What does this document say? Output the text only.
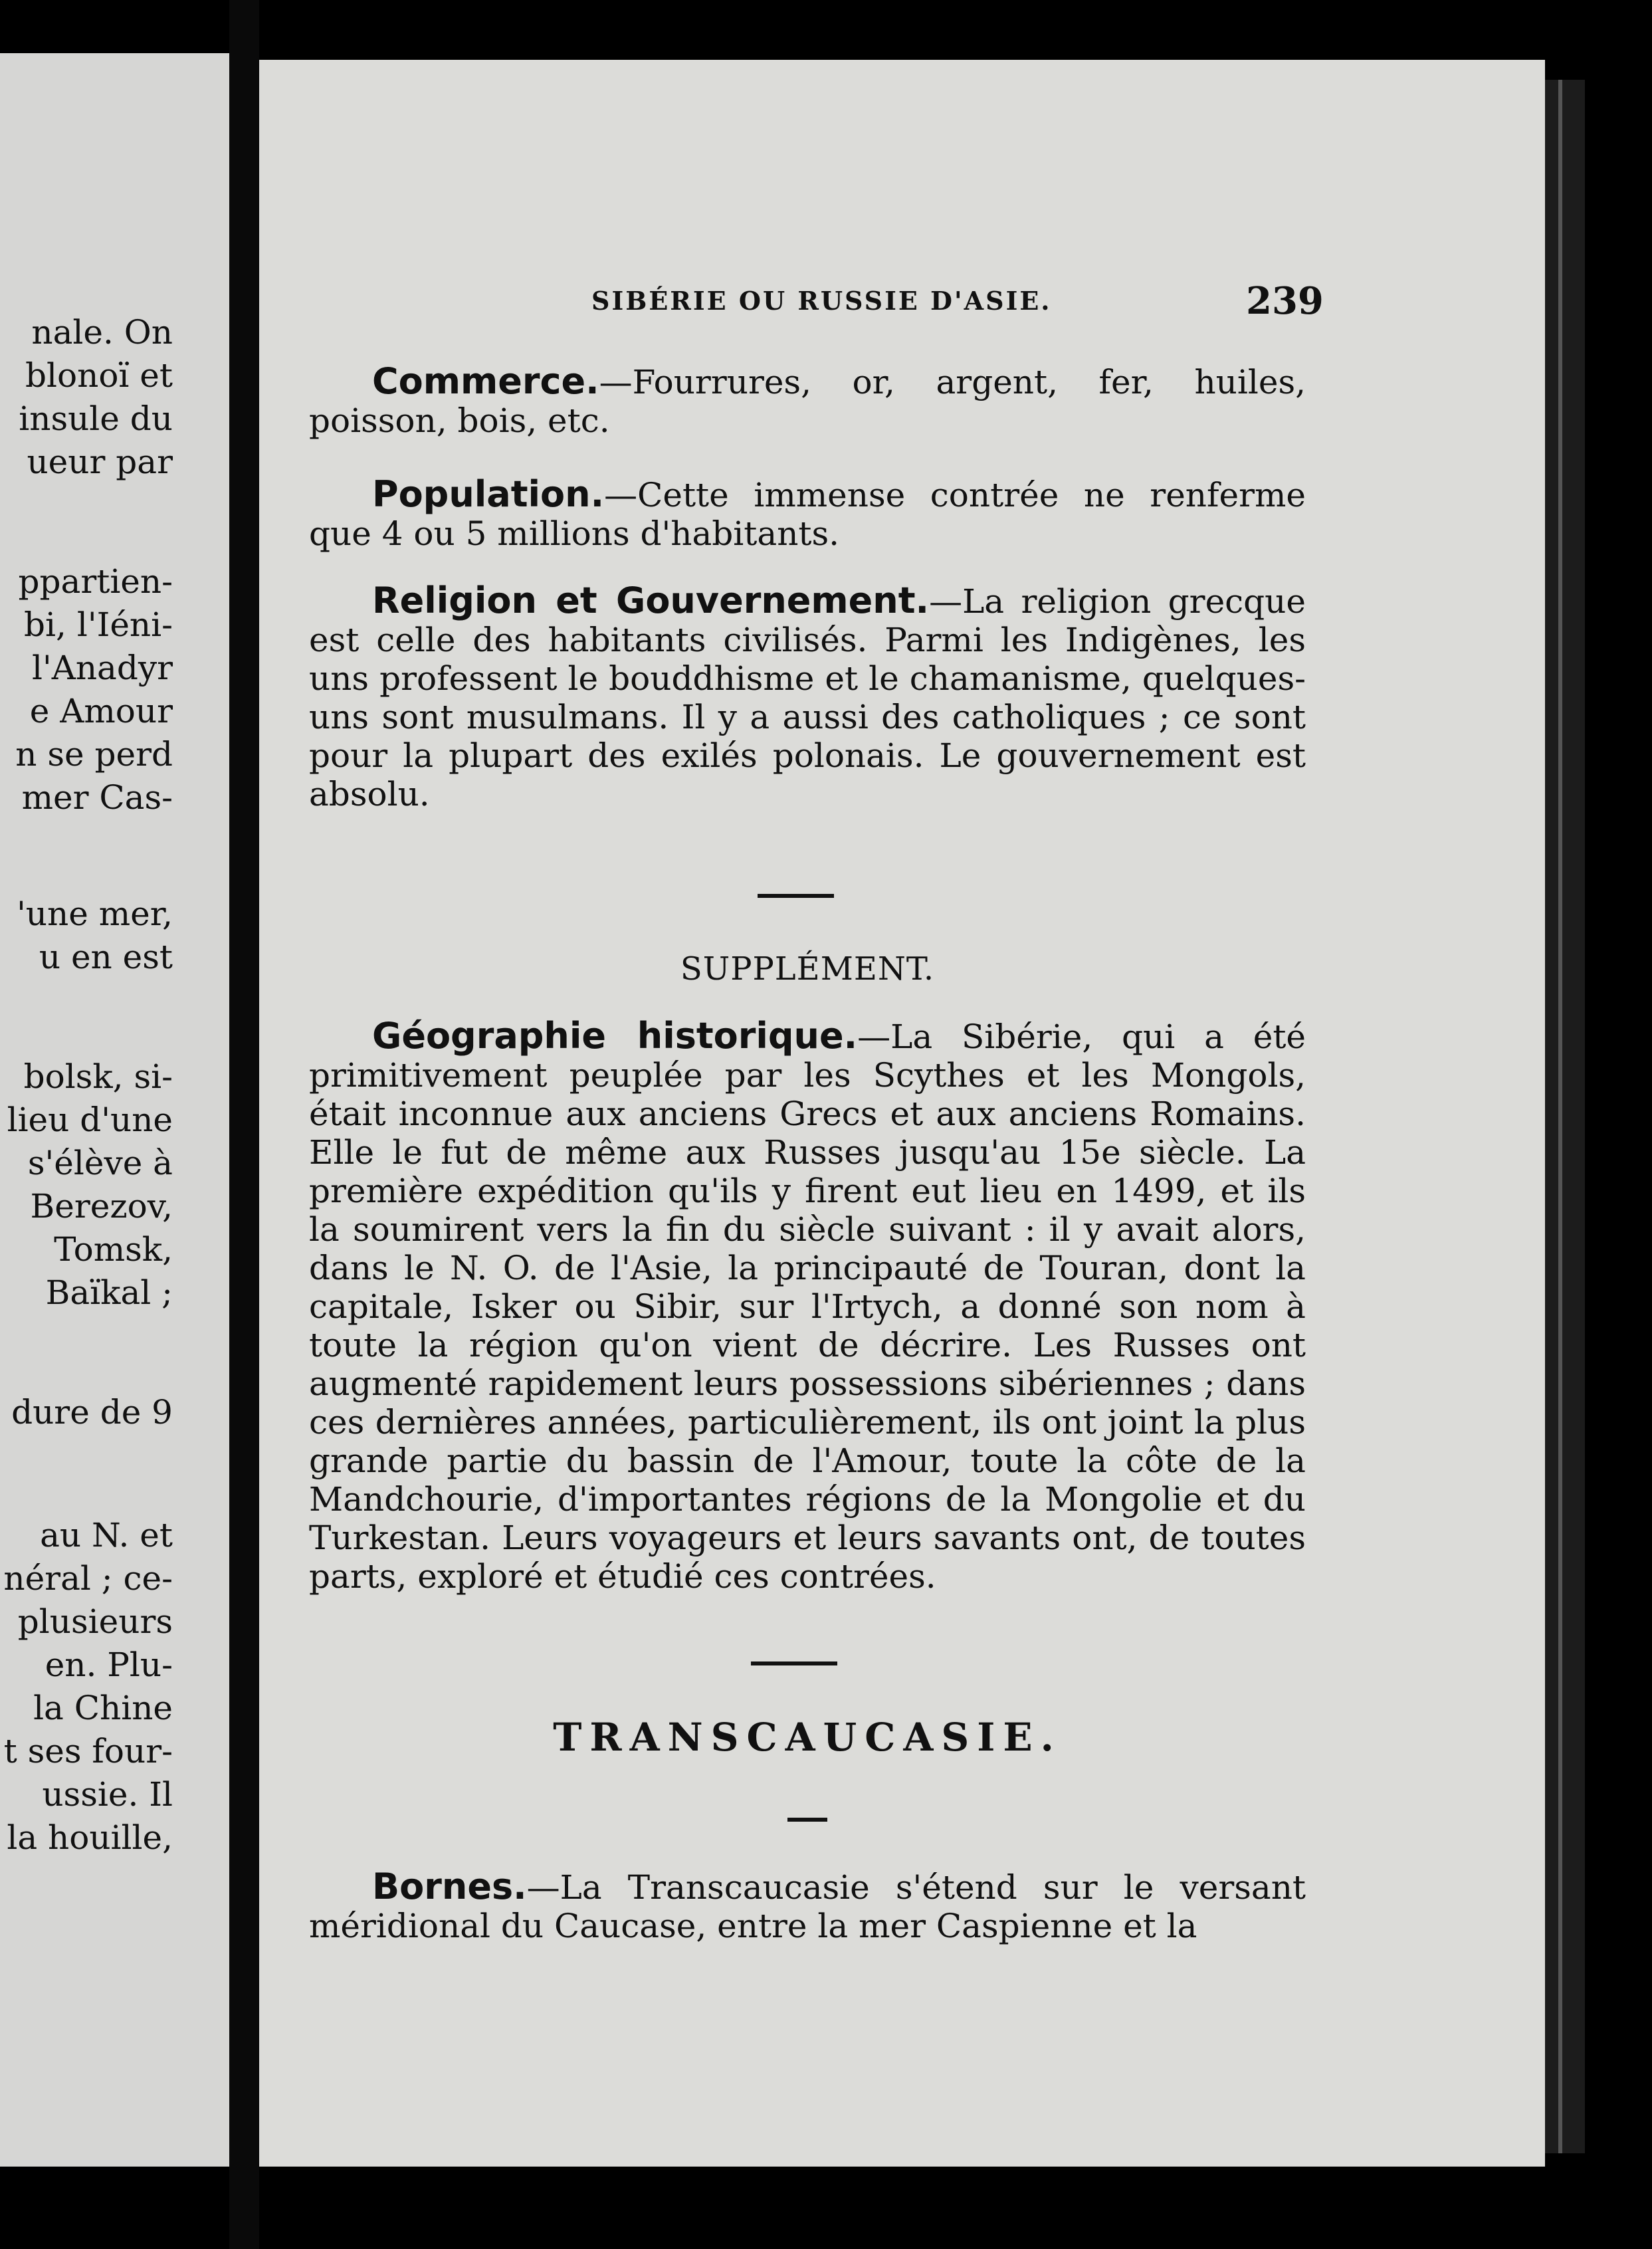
nale. On
blonoï et
insule du
ueur par
ppartien-
bi, l'Iéni-
l'Anadyr
e Amour
n se perd
mer Cas-
'une mer,
u en est
bolsk, si-
lieu d'une
s'élève à
Berezov,
Tomsk,
Baïkal ;
dure de 9
au N. et
néral ; ce-
plusieurs
en. Plu-
la Chine
t ses four-
ussie. Il
la houille,
SIBÉRIE OU RUSSIE D'ASIE.	239

Commerce.—Fourrures, or, argent, fer, huiles, poisson, bois, etc.

Population.—Cette immense contrée ne renferme que 4 ou 5 millions d'habitants.

Religion et Gouvernement.—La religion grecque est celle des habitants civilisés. Parmi les Indigènes, les uns professent le bouddhisme et le chamanisme, quelques-uns sont musulmans. Il y a aussi des catholiques ; ce sont pour la plupart des exilés polonais. Le gouvernement est absolu.

SUPPLÉMENT.

Géographie historique.—La Sibérie, qui a été primitivement peuplée par les Scythes et les Mongols, était inconnue aux anciens Grecs et aux anciens Romains. Elle le fut de même aux Russes jusqu'au 15e siècle. La première expédition qu'ils y firent eut lieu en 1499, et ils la soumirent vers la fin du siècle suivant : il y avait alors, dans le N. O. de l'Asie, la principauté de Touran, dont la capitale, Isker ou Sibir, sur l'Irtych, a donné son nom à toute la région qu'on vient de décrire. Les Russes ont augmenté rapidement leurs possessions sibériennes ; dans ces dernières années, particulièrement, ils ont joint la plus grande partie du bassin de l'Amour, toute la côte de la Mandchourie, d'importantes régions de la Mongolie et du Turkestan. Leurs voyageurs et leurs savants ont, de toutes parts, exploré et étudié ces contrées.

TRANSCAUCASIE.

Bornes.—La Transcaucasie s'étend sur le versant méridional du Caucase, entre la mer Caspienne et la
